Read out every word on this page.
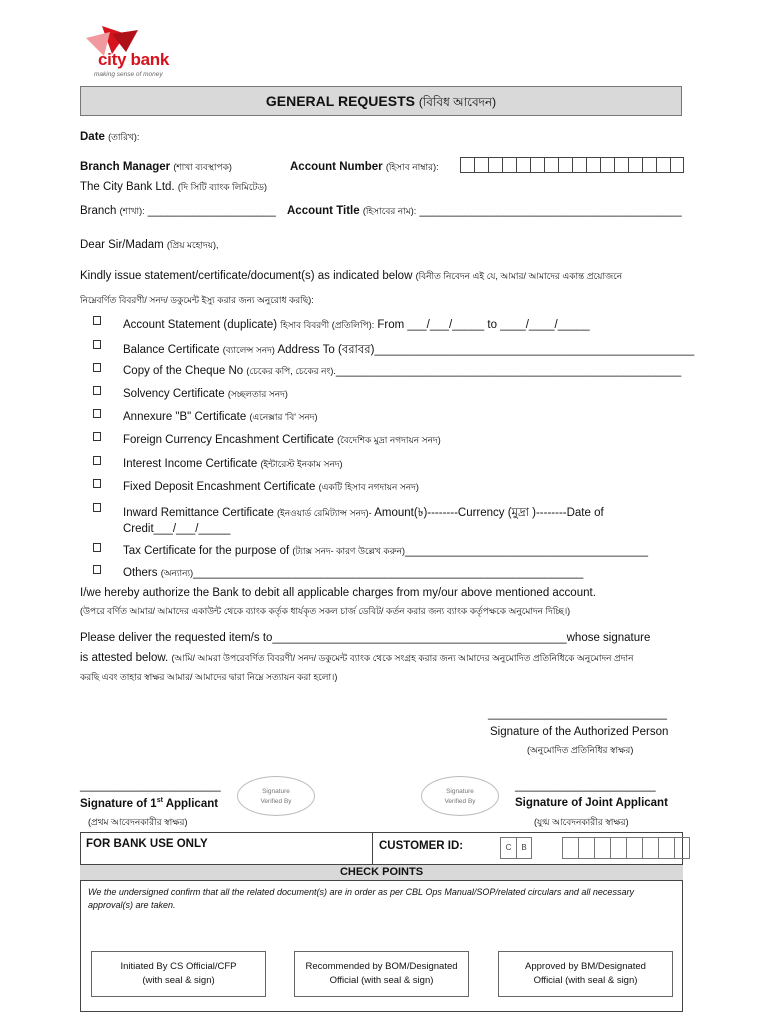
city bank
making sense of money
GENERAL REQUESTS (বিবিধ আবেদন)
Date (তারিখ):
Branch Manager (শাখা ব্যবস্থাপক)	Account Number (হিসাব নাম্বার):
The City Bank Ltd. (দি সিটি ব্যাংক লিমিটেড)
Branch (শাখা): ____________________ Account Title (হিসাবের নাম): _________________________________________
Dear Sir/Madam (প্রিয় মহোদয়),
Kindly issue statement/certificate/document(s) as indicated below (বিনীত নিবেদন এই যে, আমার/ আমাদের একান্ত প্রয়োজনে
নিম্নেবর্ণিত বিবরণী/ সনদ/ ডকুমেন্ট ইস্যু করার জন্য অনুরোধ করছি):
Account Statement (duplicate) হিসাব বিবরণী (প্রতিলিপি): From ___/___/_____ to ____/____/_____
Balance Certificate (ব্যালেন্স সনদ) Address To (বরাবর)__________________________________________________
Copy of the Cheque No (চেকের কপি, চেকের নং).______________________________________________________
Solvency Certificate (সচ্ছলতার সনদ)
Annexure "B" Certificate (এনেক্সার 'বি' সনদ)
Foreign Currency Encashment Certificate (বৈদেশিক মুদ্রা নগদায়ন সনদ)
Interest Income Certificate (ইন্টারেস্ট ইনকাম সনদ)
Fixed Deposit Encashment Certificate (একটি হিসাব নগদায়ন সনদ)
Inward Remittance Certificate (ইনওয়ার্ড রেমিট্যান্স সনদ)- Amount(৳)--------Currency (মুদ্রা )--------Date of
Credit___/___/_____
Tax Certificate for the purpose of (ট্যাক্স সনদ- কারণ উল্লেখ করুন)______________________________________
Others (অন্যান্য)_____________________________________________________________
I/we hereby authorize the Bank to debit all applicable charges from my/our above mentioned account.
(উপরে বর্ণিত আমার/ আমাদের একাউন্ট থেকে ব্যাংক কর্তৃক ধার্যকৃত সকল চার্জ ডেবিট/ কর্তন করার জন্য ব্যাংক কর্তৃপক্ষকে অনুমোদন দিচ্ছি।)
Please deliver the requested item/s to______________________________________________whose signature
is attested below. (আমি/ আমরা উপরেবর্ণিত বিবরণী/ সনদ/ ডকুমেন্ট ব্যাংক থেকে সংগ্রহ করার জন্য আমাদের অনুমোদিত প্রতিনিধিকে অনুমোদন প্রদান
করছি এবং তাহার স্বাক্ষর আমার/ আমাদের দ্বারা নিম্নে সত্যায়ন করা হলো।)
____________________________
Signature of the Authorized Person
(অনুমোদিত প্রতিনিধির স্বাক্ষর)
______________________
Signature of 1st Applicant
(প্রথম আবেদনকারীর স্বাক্ষর)
Signature
Verified By
Signature
Verified By
______________________
Signature of Joint Applicant
(যুগ্ম আবেদনকারীর স্বাক্ষর)
FOR BANK USE ONLY	CUSTOMER ID:	C	B
CHECK POINTS
We the undersigned confirm that all the related document(s) are in order as per CBL Ops Manual/SOP/related circulars and all necessary approval(s) are taken.
Initiated By CS Official/CFP
(with seal & sign)
Recommended by BOM/Designated
Official (with seal & sign)
Approved by BM/Designated
Official (with seal & sign)
